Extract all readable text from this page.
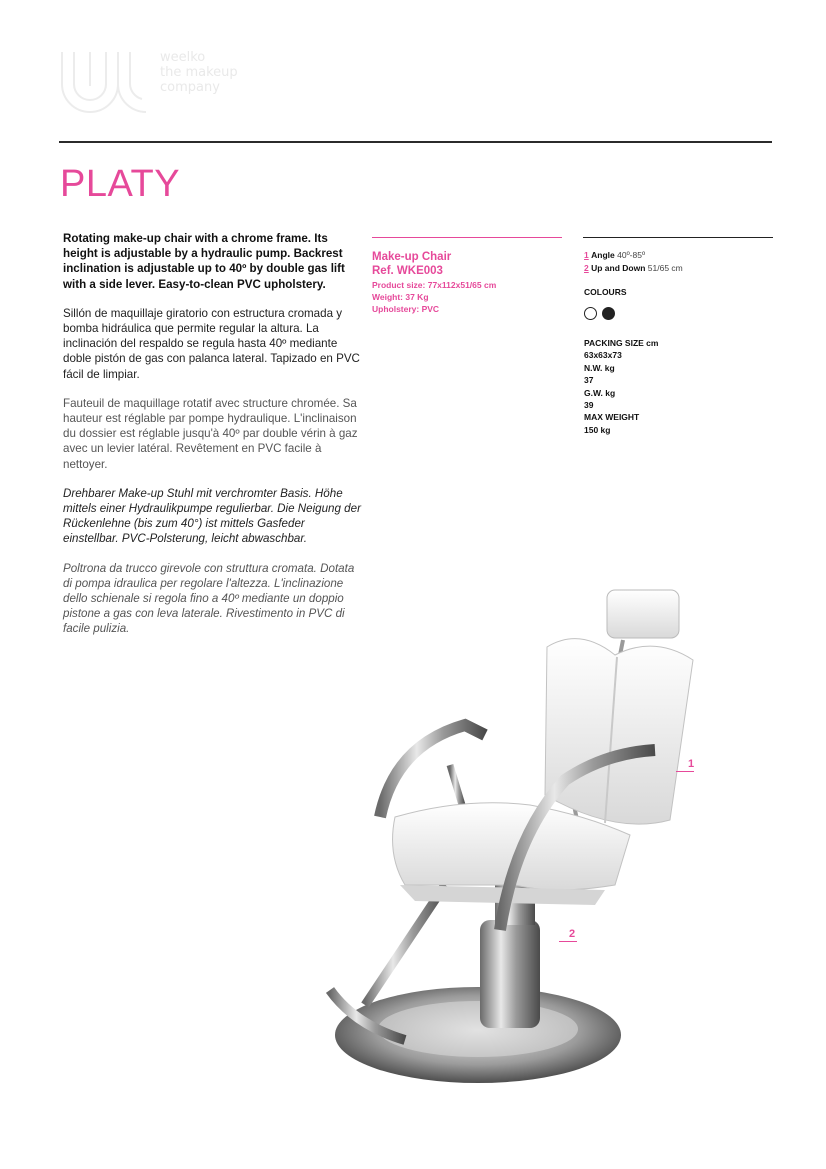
weelko
the makeup
company
PLATY

Rotating make-up chair with a chrome frame. Its height is adjustable by a hydraulic pump. Backrest inclination is adjustable up to 40º by double gas lift with a side lever. Easy-to-clean PVC upholstery.

Sillón de maquillaje giratorio con estructura cromada y bomba hidráulica que permite regular la altura. La inclinación del respaldo se regula hasta 40º mediante doble pistón de gas con palanca lateral. Tapizado en PVC fácil de limpiar.

Fauteuil de maquillage rotatif avec structure chromée. Sa hauteur est réglable par pompe hydraulique. L'inclinaison du dossier est réglable jusqu'à 40º par double vérin à gaz avec un levier latéral. Revêtement en PVC facile à nettoyer.

Drehbarer Make-up Stuhl mit verchromter Basis. Höhe mittels einer Hydraulikpumpe regulierbar. Die Neigung der Rückenlehne (bis zum 40°) ist mittels Gasfeder einstellbar. PVC-Polsterung, leicht abwaschbar.

Poltrona da trucco girevole con struttura cromata. Dotata di pompa idraulica per regolare l'altezza. L'inclinazione dello schienale si regola fino a 40º mediante un doppio pistone a gas con leva laterale. Rivestimento in PVC di facile pulizia.

Make-up Chair
Ref. WKE003
Product size: 77x112x51/65 cm
Weight: 37 Kg
Upholstery: PVC
1 Angle 40º-85º
2 Up and Down 51/65 cm
COLOURS
PACKING SIZE cm
63x63x73
N.W. kg
37
G.W. kg
39
MAX WEIGHT
150 kg
1
2
